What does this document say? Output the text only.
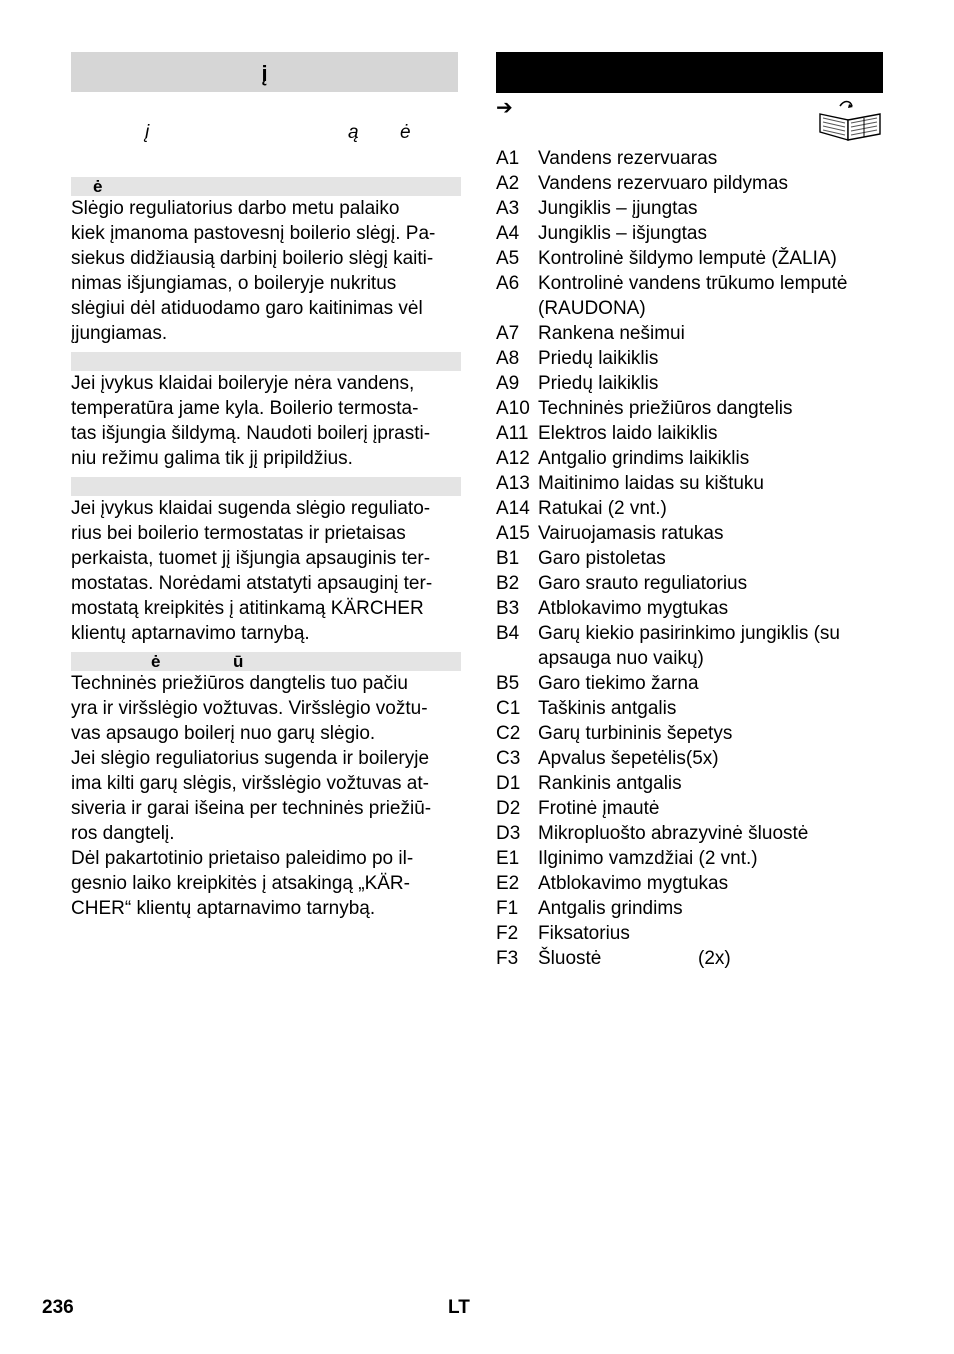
į
į	ą ė
ė
Slėgio reguliatorius darbo metu palaiko
kiek įmanoma pastovesnį boilerio slėgį. Pa-
siekus didžiausią darbinį boilerio slėgį kaiti-
nimas išjungiamas, o boileryje nukritus
slėgiui dėl atiduodamo garo kaitinimas vėl
įjungiamas.
Jei įvykus klaidai boileryje nėra vandens,
temperatūra jame kyla. Boilerio termosta-
tas išjungia šildymą. Naudoti boilerį įprasti-
niu režimu galima tik jį pripildžius.
Jei įvykus klaidai sugenda slėgio reguliato-
rius bei boilerio termostatas ir prietaisas
perkaista, tuomet jį išjungia apsauginis ter-
mostatas. Norėdami atstatyti apsauginį ter-
mostatą kreipkitės į atitinkamą KÄRCHER
klientų aptarnavimo tarnybą.
ė	ū
Techninės priežiūros dangtelis tuo pačiu
yra ir viršslėgio vožtuvas. Viršslėgio vožtu-
vas apsaugo boilerį nuo garų slėgio.
Jei slėgio reguliatorius sugenda ir boileryje
ima kilti garų slėgis, viršslėgio vožtuvas at-
siveria ir garai išeina per techninės priežiū-
ros dangtelį.
Dėl pakartotinio prietaiso paleidimo po il-
gesnio laiko kreipkitės į atsakingą „KÄR-
CHER“ klientų aptarnavimo tarnybą.
➔
A1 Vandens rezervuaras
A2 Vandens rezervuaro pildymas
A3 Jungiklis – įjungtas
A4 Jungiklis – išjungtas
A5 Kontrolinė šildymo lemputė (ŽALIA)
A6 Kontrolinė vandens trūkumo lemputė
(RAUDONA)
A7 Rankena nešimui
A8 Priedų laikiklis
A9 Priedų laikiklis
A10 Techninės priežiūros dangtelis
A11 Elektros laido laikiklis
A12 Antgalio grindims laikiklis
A13 Maitinimo laidas su kištuku
A14 Ratukai (2 vnt.)
A15 Vairuojamasis ratukas
B1 Garo pistoletas
B2 Garo srauto reguliatorius
B3 Atblokavimo mygtukas
B4 Garų kiekio pasirinkimo jungiklis (su
apsauga nuo vaikų)
B5 Garo tiekimo žarna
C1 Taškinis antgalis
C2 Garų turbininis šepetys
C3 Apvalus šepetėlis(5x)
D1 Rankinis antgalis
D2 Frotinė įmautė
D3 Mikropluošto abrazyvinė šluostė
E1 Ilginimo vamzdžiai (2 vnt.)
E2 Atblokavimo mygtukas
F1 Antgalis grindims
F2 Fiksatorius
F3 Šluostė	(2x)
236	LT
